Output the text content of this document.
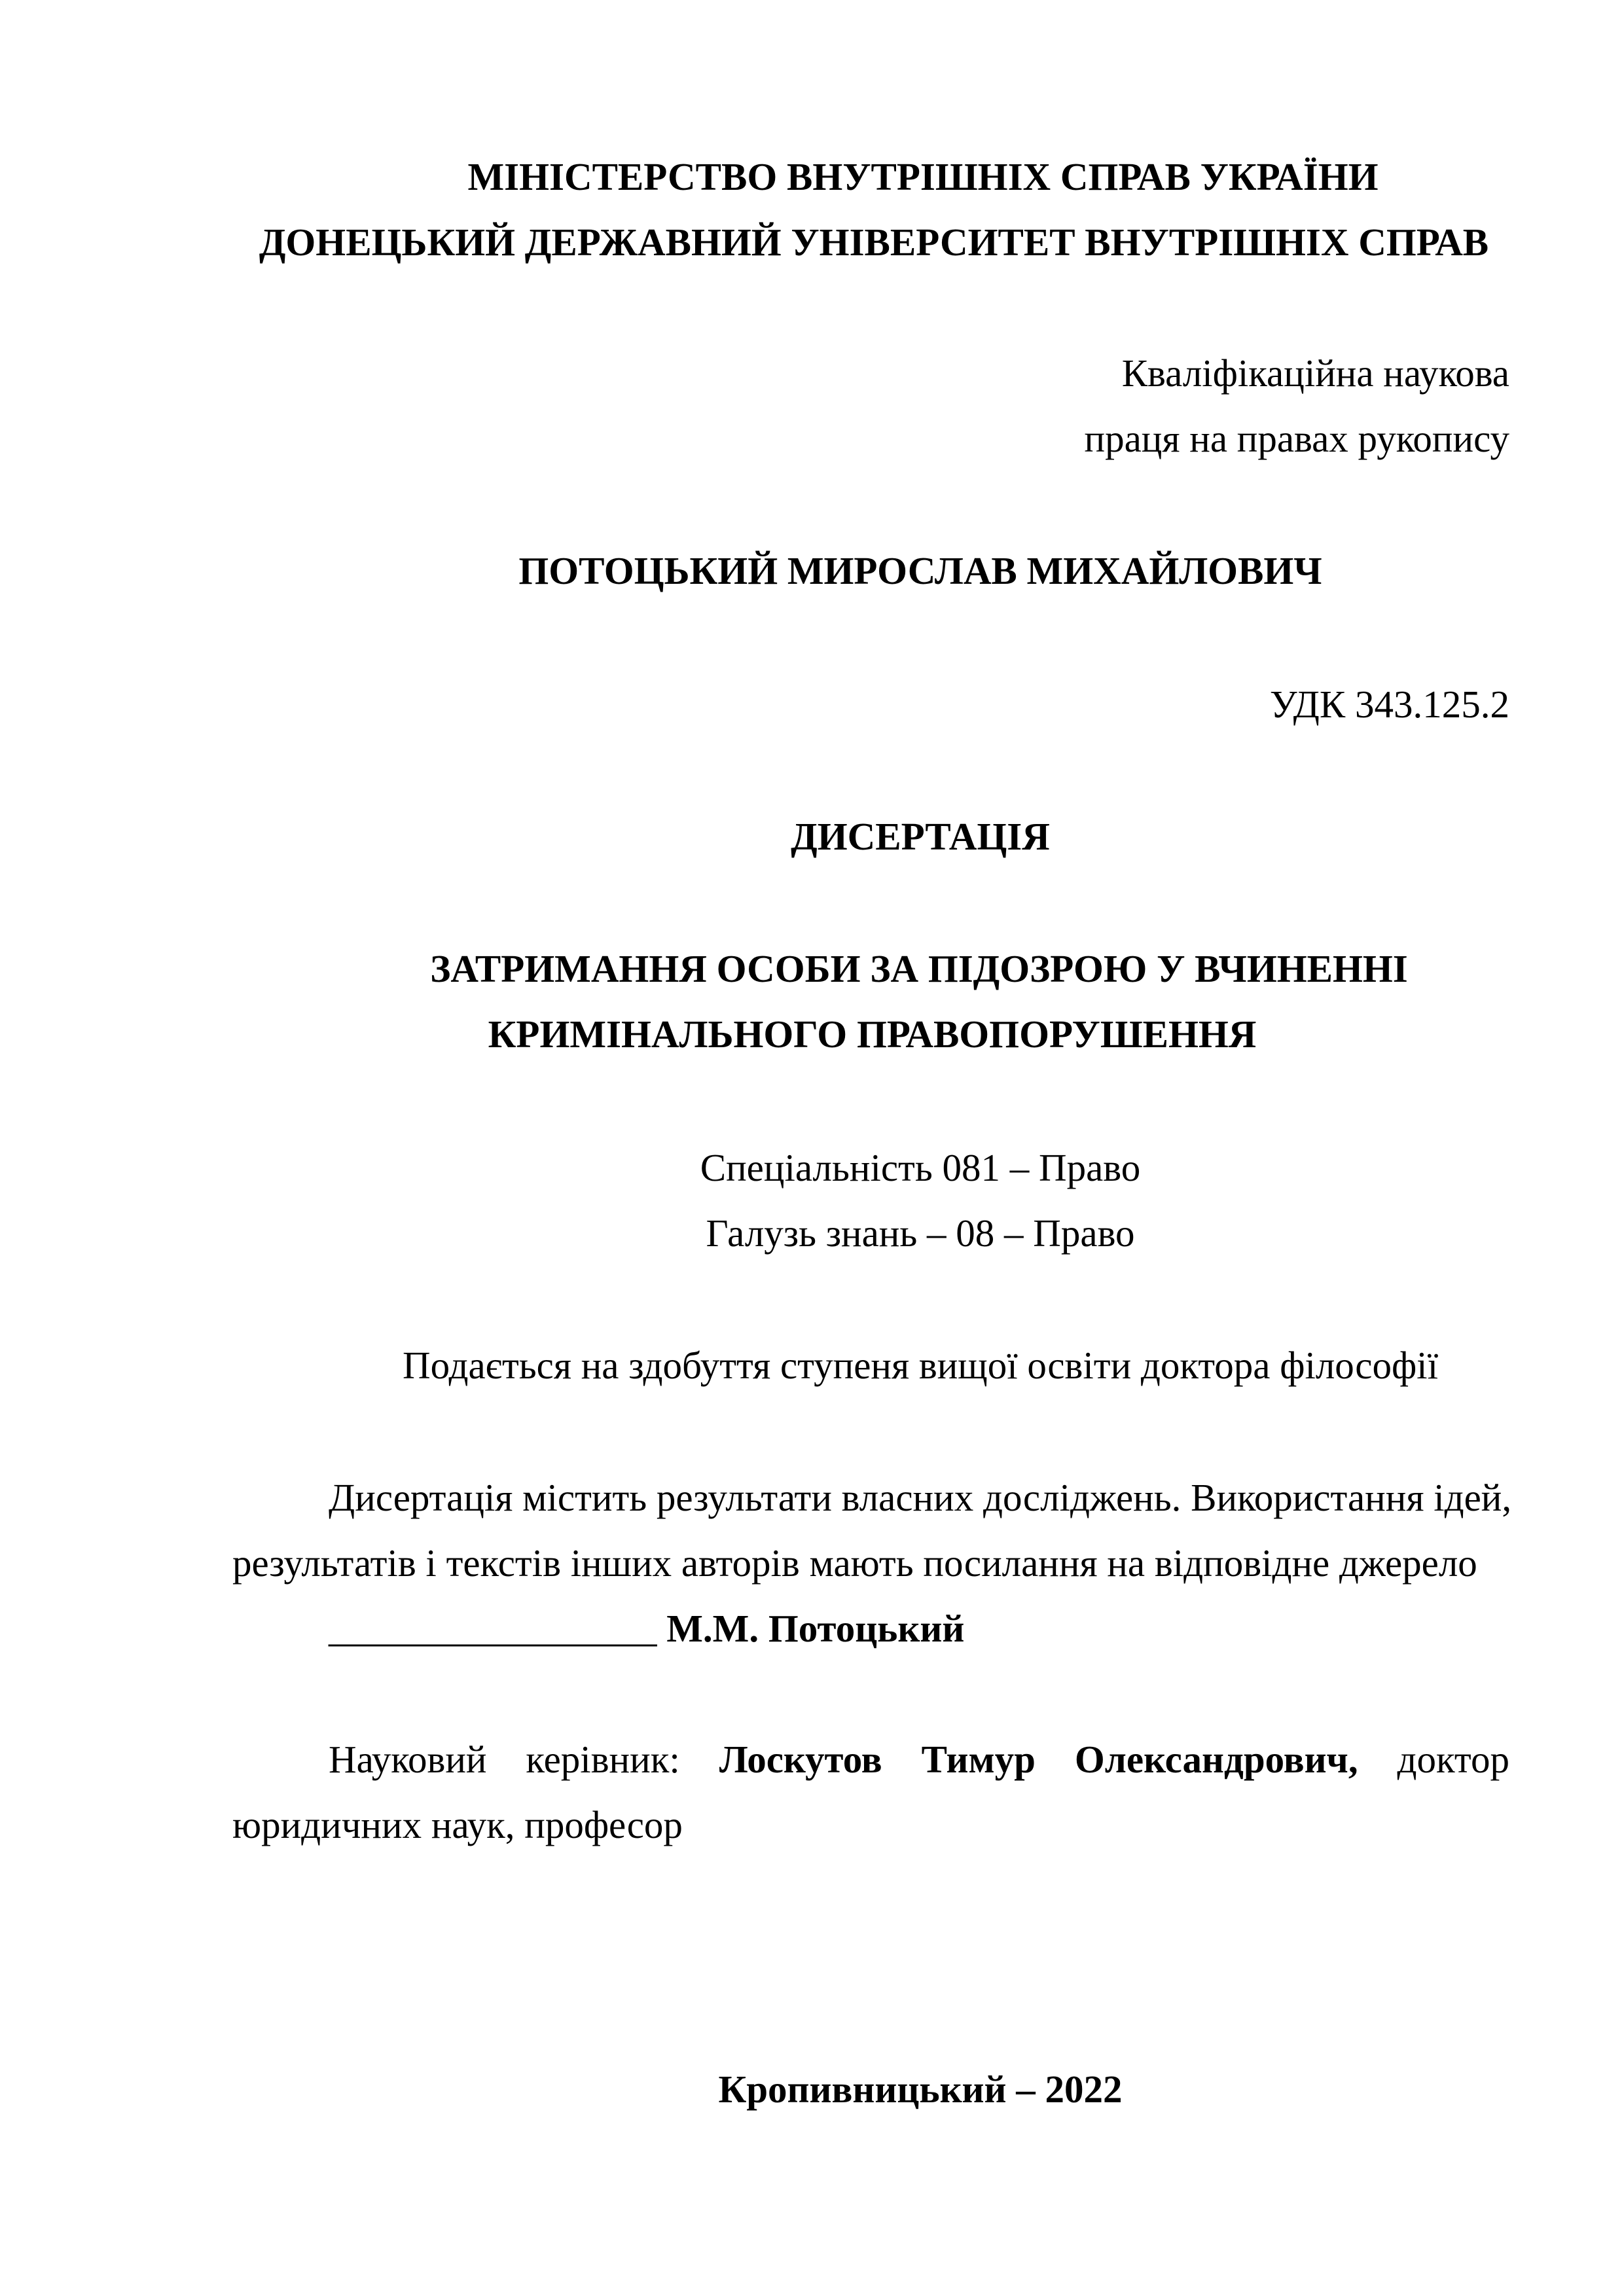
МІНІСТЕРСТВО ВНУТРІШНІХ СПРАВ УКРАЇНИ

ДОНЕЦЬКИЙ ДЕРЖАВНИЙ УНІВЕРСИТЕТ ВНУТРІШНІХ СПРАВ

Кваліфікаційна наукова

праця на правах рукопису

ПОТОЦЬКИЙ МИРОСЛАВ МИХАЙЛОВИЧ

УДК 343.125.2

ДИСЕРТАЦІЯ

ЗАТРИМАННЯ ОСОБИ ЗА ПІДОЗРОЮ У ВЧИНЕННІ

КРИМІНАЛЬНОГО ПРАВОПОРУШЕННЯ

Спеціальність 081 – Право

Галузь знань – 08 – Право

Подається на здобуття ступеня вищої освіти доктора філософії

Дисертація містить результати власних досліджень. Використання ідей,

результатів і текстів інших авторів мають посилання на відповідне джерело

_________________ М.М. Потоцький
Науковий керівник: Лоскутов Тимур Олександрович, доктор

юридичних наук, професор

Кропивницький – 2022
